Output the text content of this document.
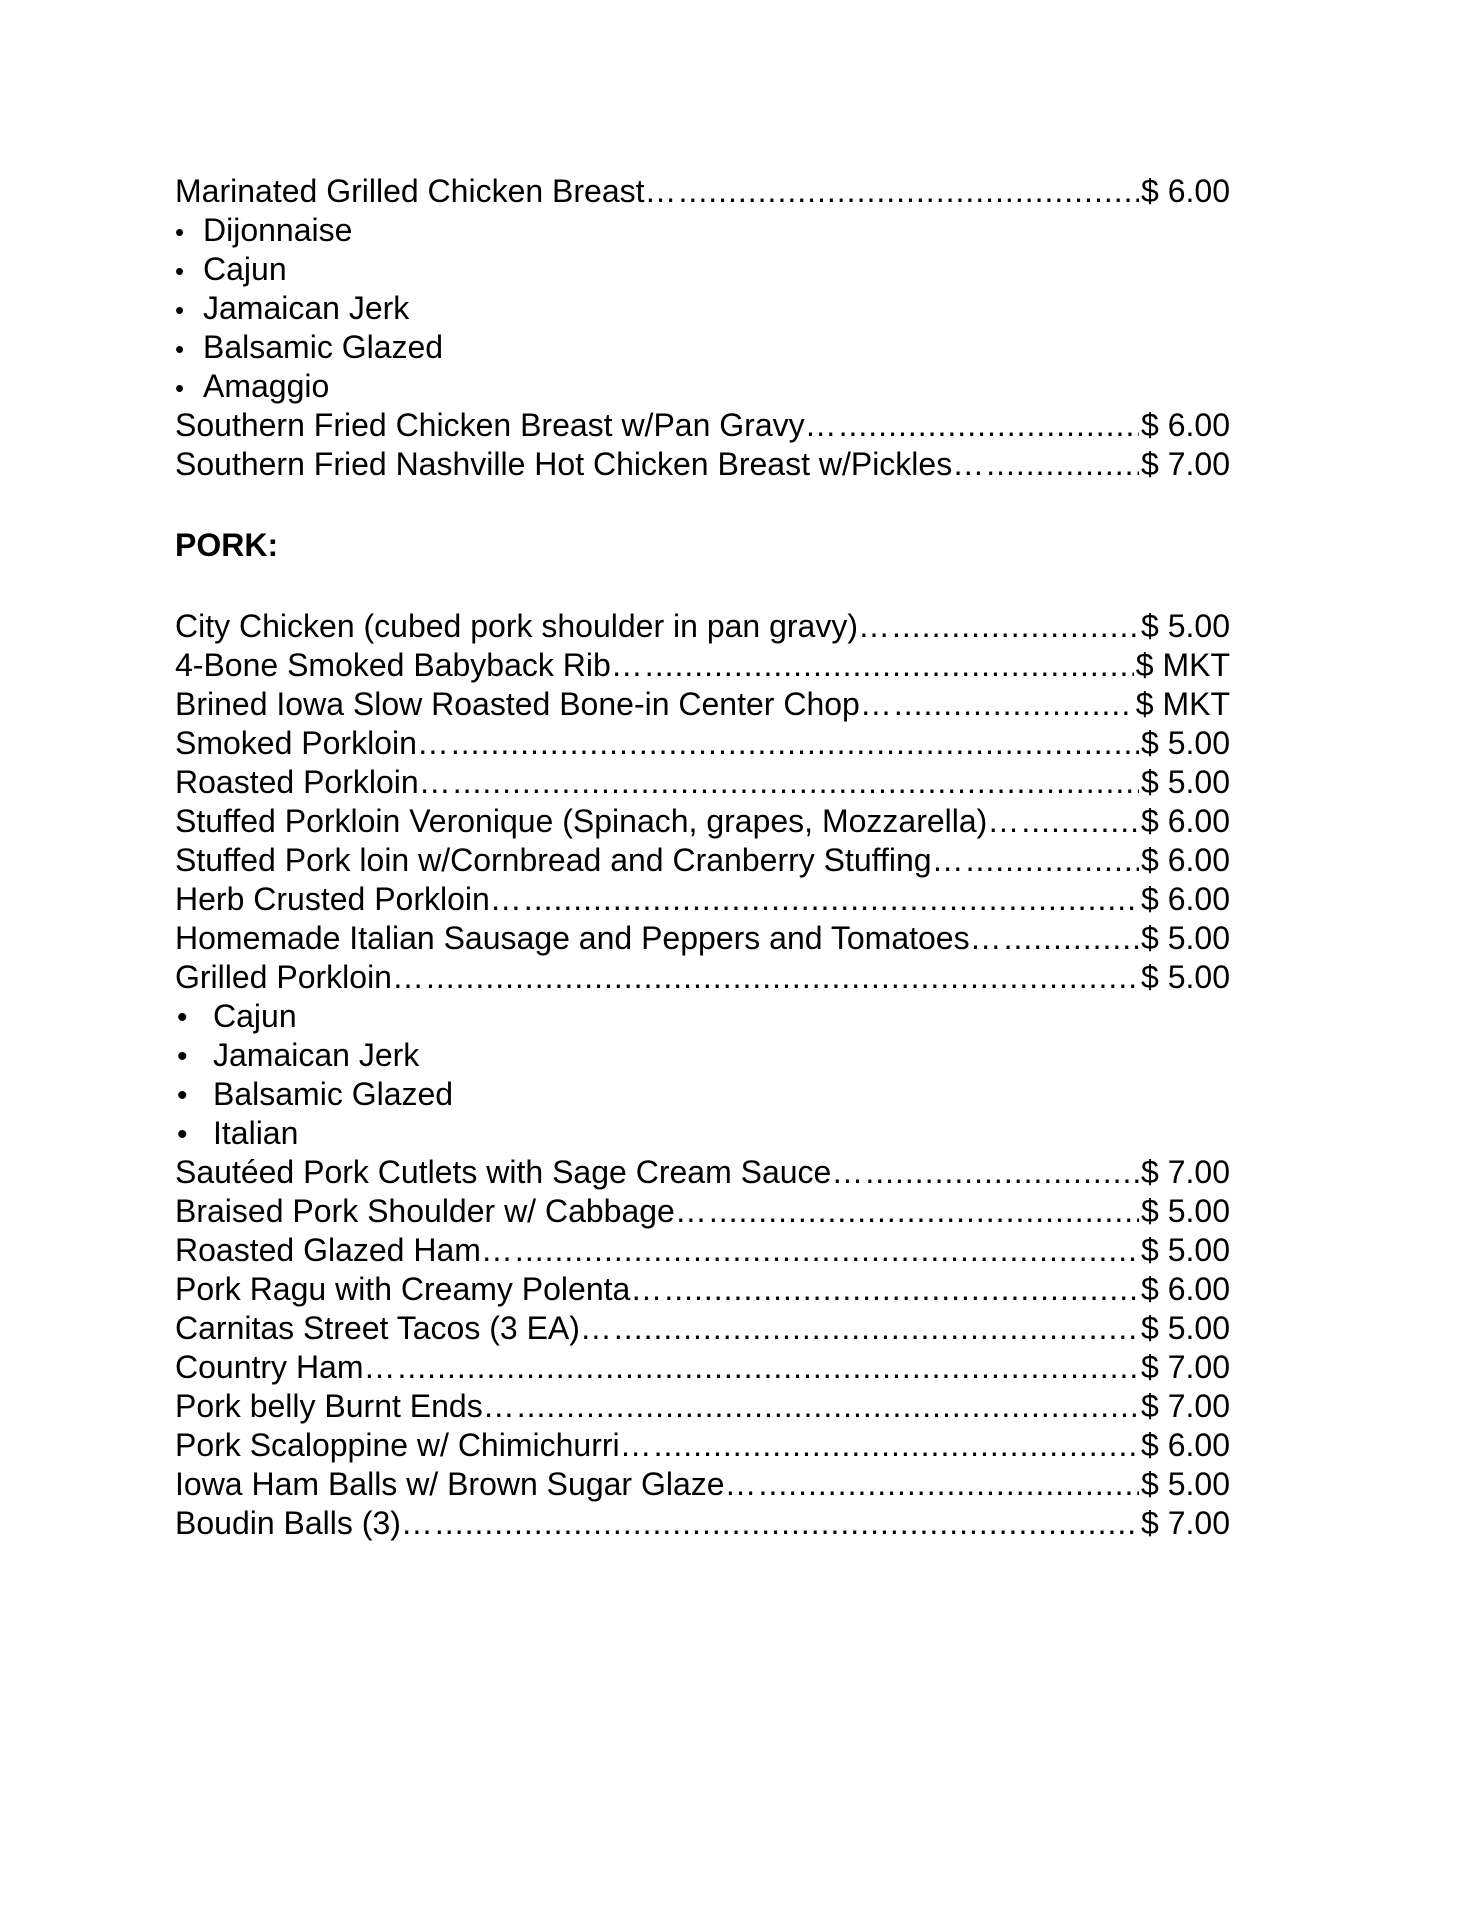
Marinated Grilled Chicken Breast… .....	$ 6.00
• Dijonnaise
• Cajun
• Jamaican Jerk
• Balsamic Glazed
• Amaggio
Southern Fried Chicken Breast w/Pan Gravy… .....	$ 6.00
Southern Fried Nashville Hot Chicken Breast w/Pickles… .....	$ 7.00
PORK:
City Chicken (cubed pork shoulder in pan gravy)… .....	$ 5.00
4-Bone Smoked Babyback Rib… .....	$ MKT
Brined Iowa Slow Roasted Bone-in Center Chop… .....	$ MKT
Smoked Porkloin… .....	$ 5.00
Roasted Porkloin… .....	$ 5.00
Stuffed Porkloin Veronique (Spinach, grapes, Mozzarella)… .....	$ 6.00
Stuffed Pork loin w/Cornbread and Cranberry Stuffing… .....	$ 6.00
Herb Crusted Porkloin… .....	$ 6.00
Homemade Italian Sausage and Peppers and Tomatoes… .....	$ 5.00
Grilled Porkloin… .....	$ 5.00
• Cajun
• Jamaican Jerk
• Balsamic Glazed
• Italian
Sautéed Pork Cutlets with Sage Cream Sauce… .....	$ 7.00
Braised Pork Shoulder w/ Cabbage… .....	$ 5.00
Roasted Glazed Ham… .....	$ 5.00
Pork Ragu with Creamy Polenta… .....	$ 6.00
Carnitas Street Tacos (3 EA)… .....	$ 5.00
Country Ham… .....	$ 7.00
Pork belly Burnt Ends… .....	$ 7.00
Pork Scaloppine w/ Chimichurri… .....	$ 6.00
Iowa Ham Balls w/ Brown Sugar Glaze… .....	$ 5.00
Boudin Balls (3)… .....	$ 7.00
